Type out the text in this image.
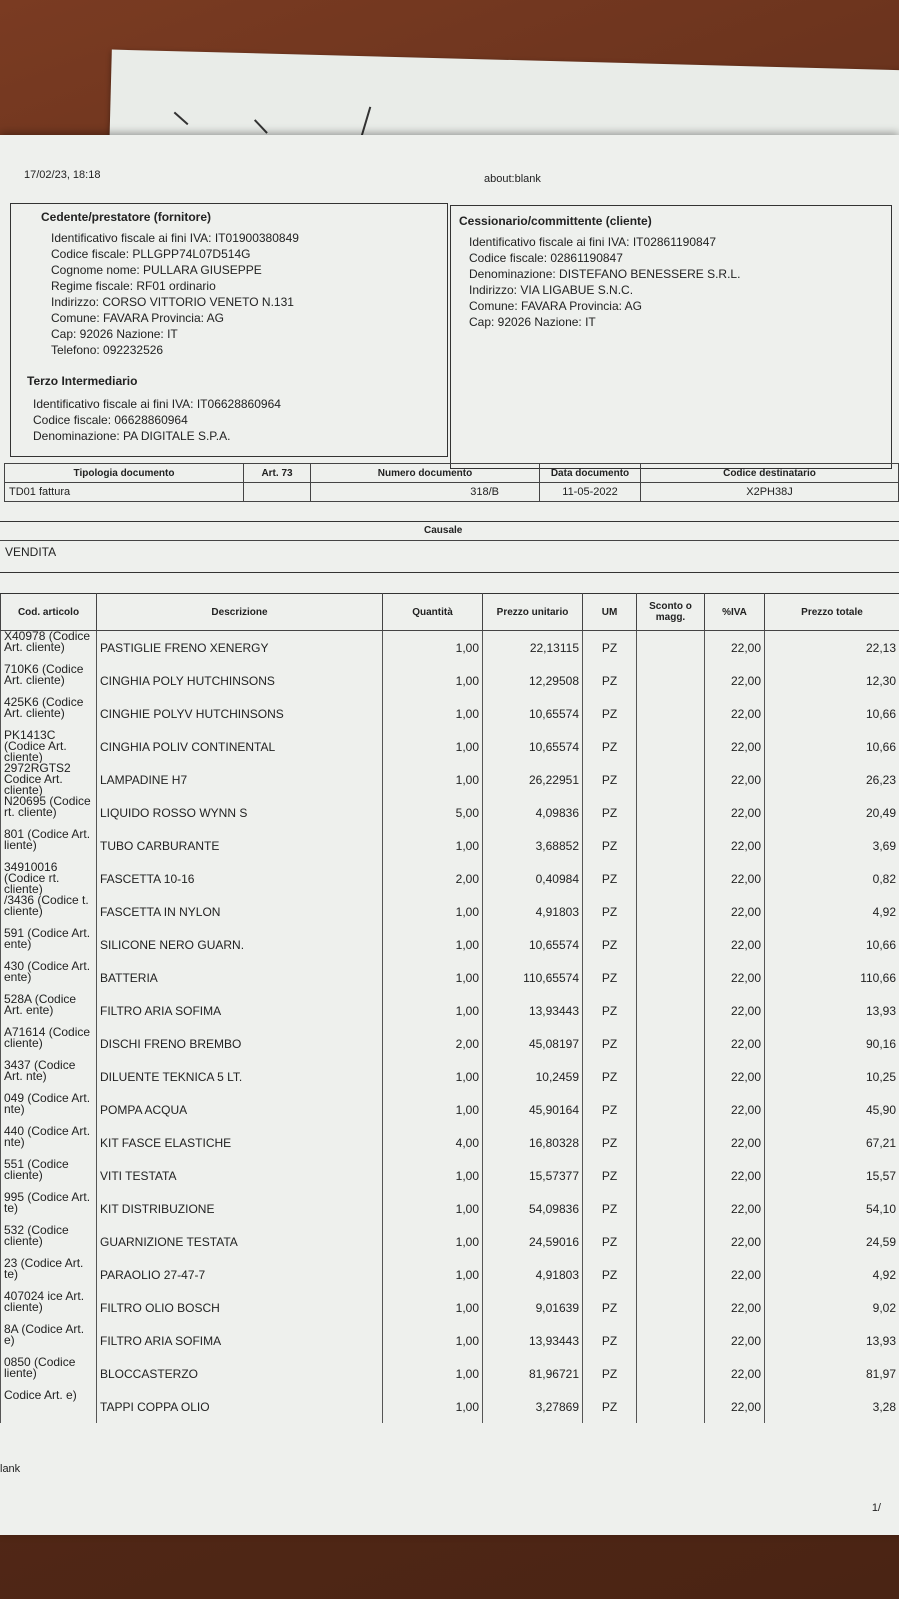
17/02/23, 18:18	about:blank
Cedente/prestatore (fornitore)
Identificativo fiscale ai fini IVA: IT01900380849
Codice fiscale: PLLGPP74L07D514G
Cognome nome: PULLARA GIUSEPPE
Regime fiscale: RF01 ordinario
Indirizzo: CORSO VITTORIO VENETO N.131
Comune: FAVARA Provincia: AG
Cap: 92026 Nazione: IT
Telefono: 092232526
Terzo Intermediario
Identificativo fiscale ai fini IVA: IT06628860964
Codice fiscale: 06628860964
Denominazione: PA DIGITALE S.P.A.
Cessionario/committente (cliente)
Identificativo fiscale ai fini IVA: IT02861190847
Codice fiscale: 02861190847
Denominazione: DISTEFANO BENESSERE S.R.L.
Indirizzo: VIA LIGABUE S.N.C.
Comune: FAVARA Provincia: AG
Cap: 92026 Nazione: IT
Tipologia documento	Art. 73	Numero documento	Data documento	Codice destinatario
TD01 fattura		318/B	11-05-2022	X2PH38J
Causale
VENDITA
Cod. articolo	Descrizione	Quantità	Prezzo unitario	UM	Sconto o magg.	%IVA	Prezzo totale
X40978 (Codice Art. cliente)	PASTIGLIE FRENO XENERGY	1,00	22,13115	PZ		22,00	22,13
710K6 (Codice Art. cliente)	CINGHIA POLY HUTCHINSONS	1,00	12,29508	PZ		22,00	12,30
425K6 (Codice Art. cliente)	CINGHIE POLYV HUTCHINSONS	1,00	10,65574	PZ		22,00	10,66
PK1413C (Codice Art. cliente)	CINGHIA POLIV CONTINENTAL	1,00	10,65574	PZ		22,00	10,66
2972RGTS2 Codice Art. cliente)	LAMPADINE H7	1,00	26,22951	PZ		22,00	26,23
N20695 (Codice rt. cliente)	LIQUIDO ROSSO WYNN S	5,00	4,09836	PZ		22,00	20,49
801 (Codice Art. liente)	TUBO CARBURANTE	1,00	3,68852	PZ		22,00	3,69
34910016 (Codice rt. cliente)	FASCETTA 10-16	2,00	0,40984	PZ		22,00	0,82
/3436 (Codice t. cliente)	FASCETTA IN NYLON	1,00	4,91803	PZ		22,00	4,92
591 (Codice Art. ente)	SILICONE NERO GUARN.	1,00	10,65574	PZ		22,00	10,66
430 (Codice Art. ente)	BATTERIA	1,00	110,65574	PZ		22,00	110,66
528A (Codice Art. ente)	FILTRO ARIA SOFIMA	1,00	13,93443	PZ		22,00	13,93
A71614 (Codice cliente)	DISCHI FRENO BREMBO	2,00	45,08197	PZ		22,00	90,16
3437 (Codice Art. nte)	DILUENTE TEKNICA 5 LT.	1,00	10,2459	PZ		22,00	10,25
049 (Codice Art. nte)	POMPA ACQUA	1,00	45,90164	PZ		22,00	45,90
440 (Codice Art. nte)	KIT FASCE ELASTICHE	4,00	16,80328	PZ		22,00	67,21
551 (Codice cliente)	VITI TESTATA	1,00	15,57377	PZ		22,00	15,57
995 (Codice Art. te)	KIT DISTRIBUZIONE	1,00	54,09836	PZ		22,00	54,10
532 (Codice cliente)	GUARNIZIONE TESTATA	1,00	24,59016	PZ		22,00	24,59
23 (Codice Art. te)	PARAOLIO 27-47-7	1,00	4,91803	PZ		22,00	4,92
407024 ice Art. cliente)	FILTRO OLIO BOSCH	1,00	9,01639	PZ		22,00	9,02
8A (Codice Art. e)	FILTRO ARIA SOFIMA	1,00	13,93443	PZ		22,00	13,93
0850 (Codice liente)	BLOCCASTERZO	1,00	81,96721	PZ		22,00	81,97
Codice Art. e)	TAPPI COPPA OLIO	1,00	3,27869	PZ		22,00	3,28
lank
1/
